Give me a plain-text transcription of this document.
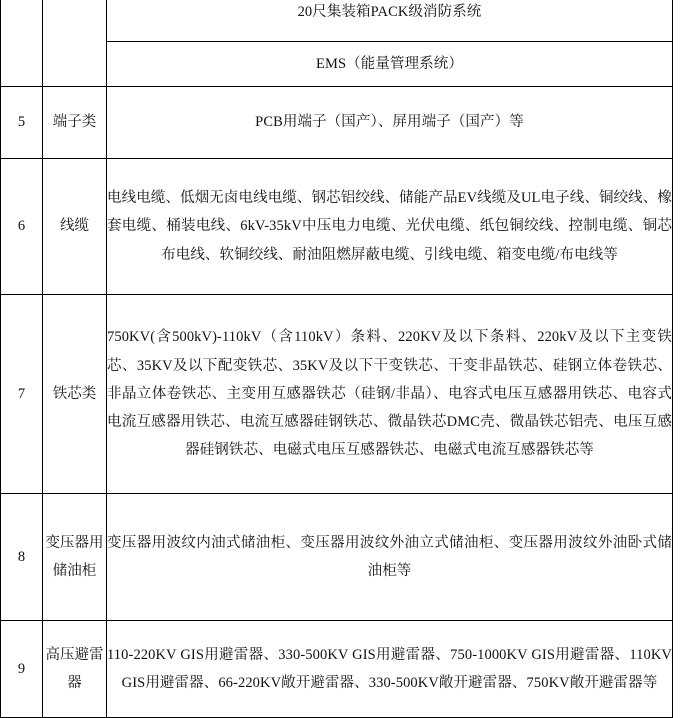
		20尺集装箱PACK级消防系统
		EMS（能量管理系统）
5	端子类	PCB用端子（国产）、屏用端子（国产）等
6	线缆	电线电缆、低烟无卤电线电缆、钢芯铝绞线、储能产品EV线缆及UL电子线、铜绞线、橡套电缆、桶装电线、6kV-35kV中压电力电缆、光伏电缆、纸包铜绞线、控制电缆、铜芯布电线、软铜绞线、耐油阻燃屏蔽电缆、引线电缆、箱变电缆/布电线等
7	铁芯类	750KV(含500kV)-110kV（含110kV）条料、220KV及以下条料、220kV及以下主变铁芯、35KV及以下配变铁芯、35KV及以下干变铁芯、干变非晶铁芯、硅钢立体卷铁芯、非晶立体卷铁芯、主变用互感器铁芯（硅钢/非晶）、电容式电压互感器用铁芯、电容式电流互感器用铁芯、电流互感器硅钢铁芯、微晶铁芯DMC壳、微晶铁芯铝壳、电压互感器硅钢铁芯、电磁式电压互感器铁芯、电磁式电流互感器铁芯等
8	变压器用储油柜	变压器用波纹内油式储油柜、变压器用波纹外油立式储油柜、变压器用波纹外油卧式储油柜等
9	高压避雷器	110-220KV GIS用避雷器、330-500KV GIS用避雷器、750-1000KV GIS用避雷器、110KV GIS用避雷器、66-220KV敞开避雷器、330-500KV敞开避雷器、750KV敞开避雷器等
